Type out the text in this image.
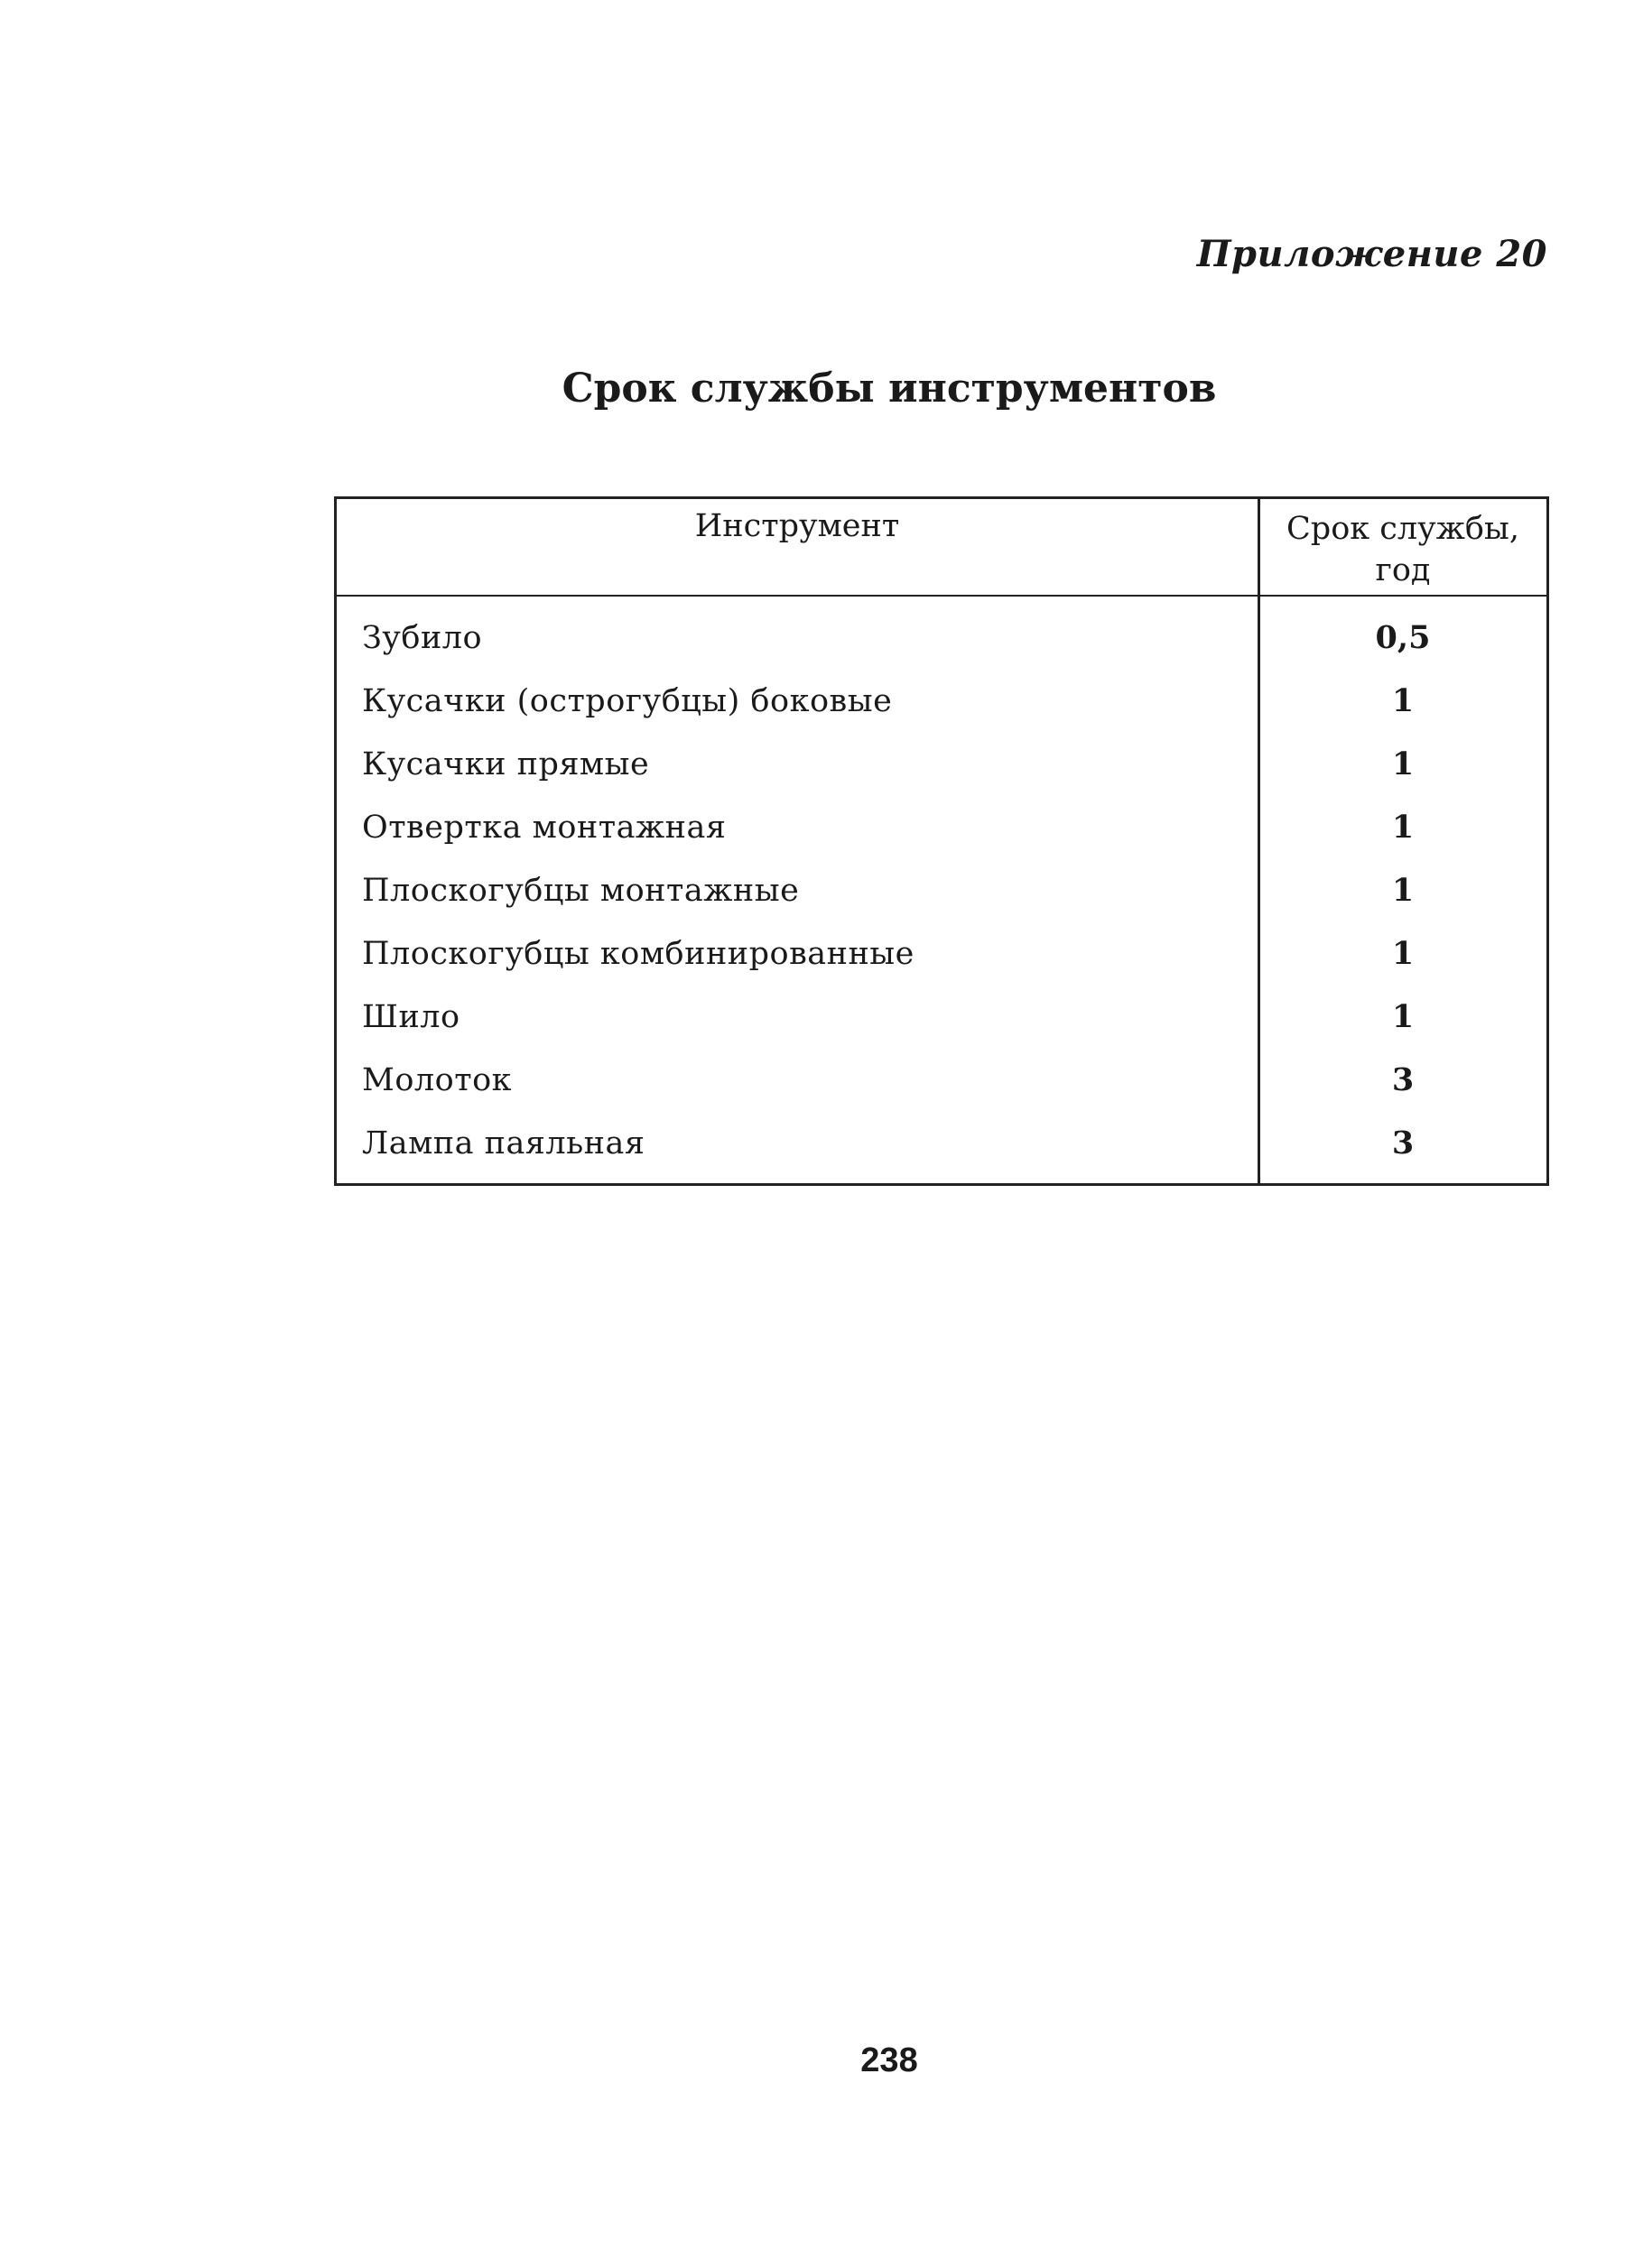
Приложение 20
Срок службы инструментов
Инструмент	Срок службы,
год
Зубило	0,5
Кусачки (острогубцы) боковые	1
Кусачки прямые	1
Отвертка монтажная	1
Плоскогубцы монтажные	1
Плоскогубцы комбинированные	1
Шило	1
Молоток	3
Лампа паяльная	3
238
